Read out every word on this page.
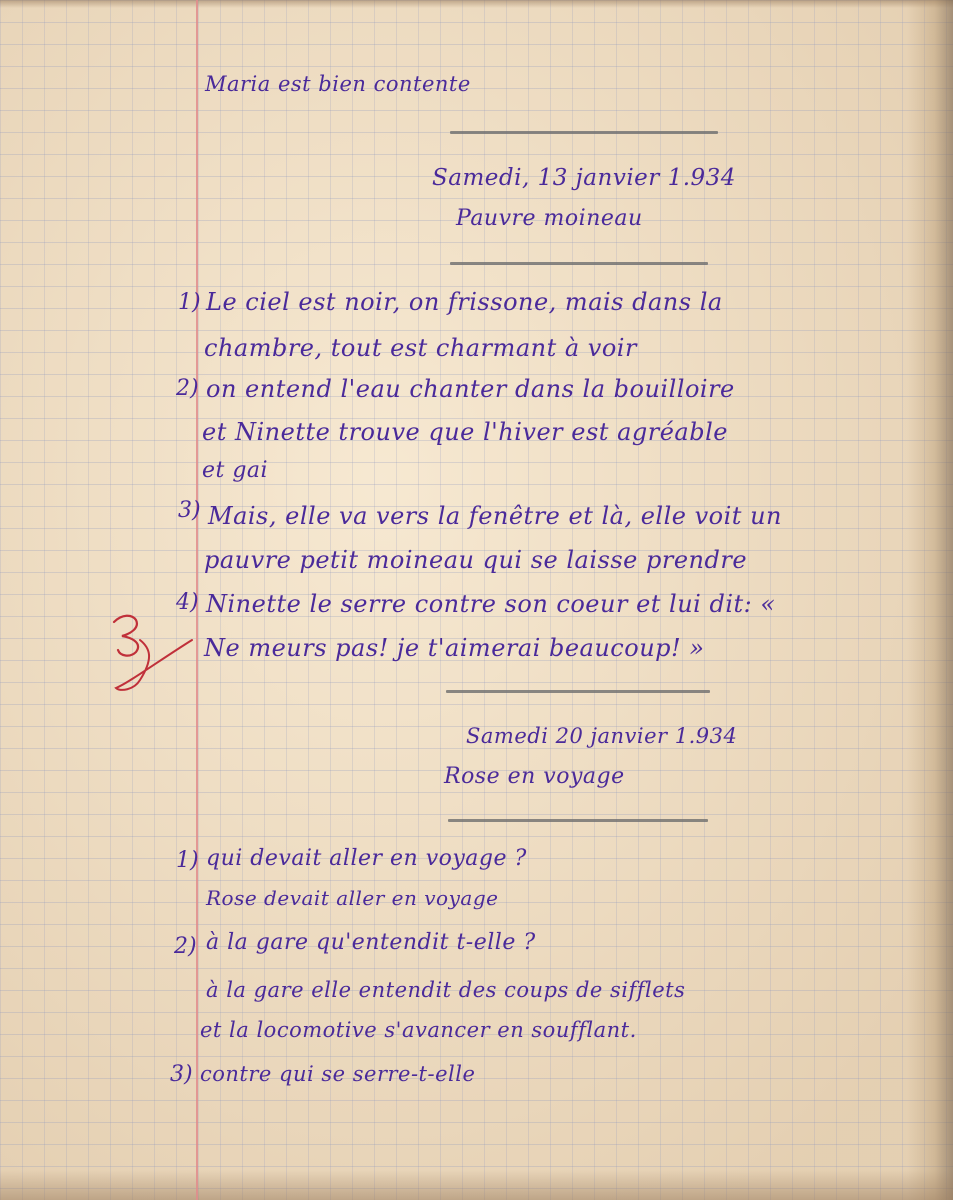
Maria est bien contente
Samedi, 13 janvier 1.934
Pauvre moineau
1) Le ciel est noir, on frissone, mais dans la
chambre, tout est charmant à voir
2) on entend l'eau chanter dans la bouilloire
et Ninette trouve que l'hiver est agréable
et gai
3) Mais, elle va vers la fenêtre et là, elle voit un
pauvre petit moineau qui se laisse prendre
4) Ninette le serre contre son coeur et lui dit: «
Ne meurs pas! je t'aimerai beaucoup! »
Samedi 20 janvier 1.934
Rose en voyage
1) qui devait aller en voyage ?
Rose devait aller en voyage
2) à la gare qu'entendit t-elle ?
à la gare elle entendit des coups de sifflets
et la locomotive s'avancer en soufflant.
3) contre qui se serre-t-elle
